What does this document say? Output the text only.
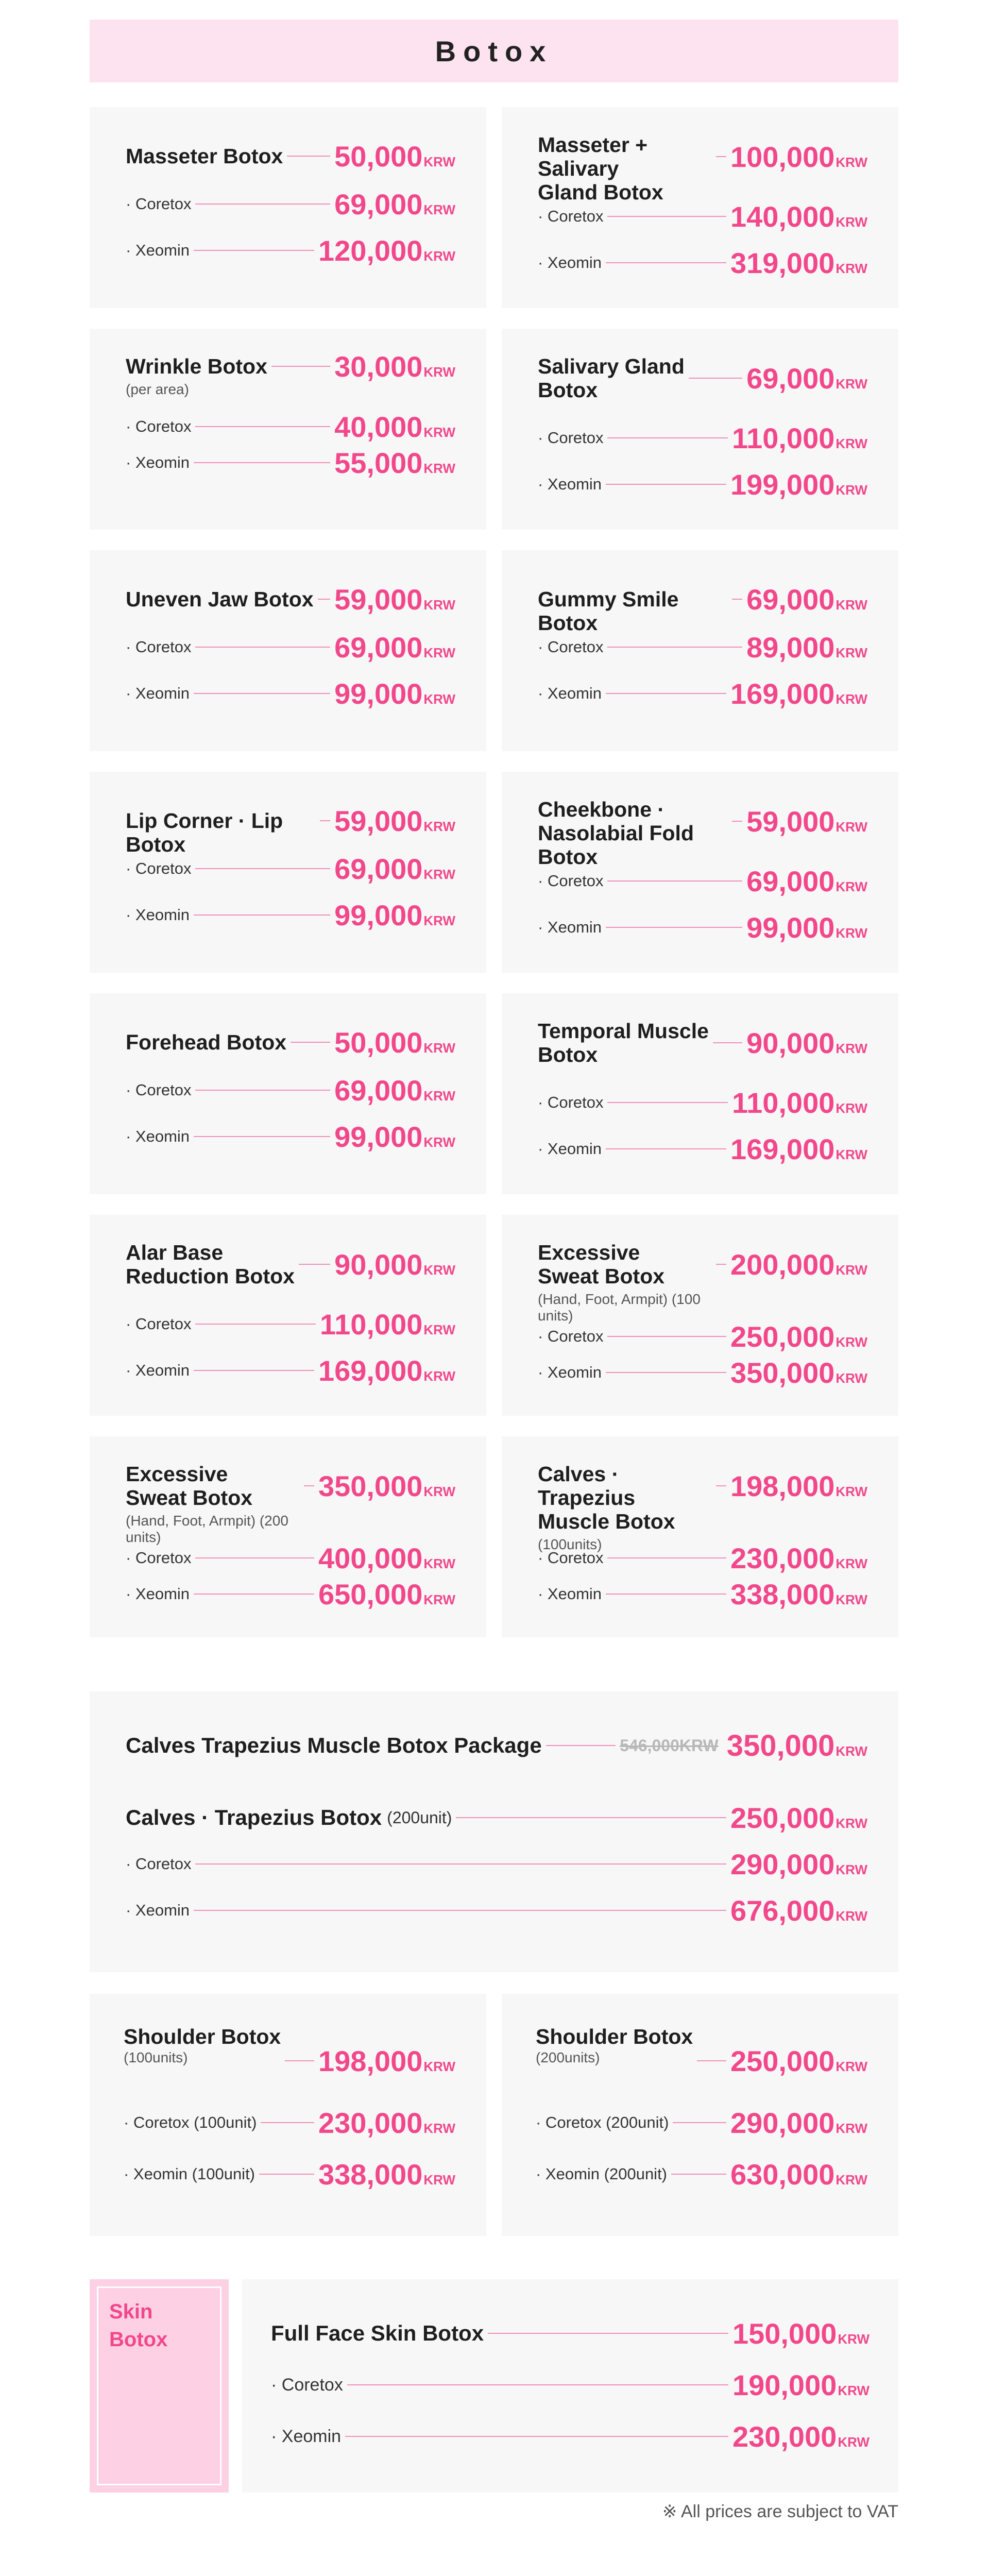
Botox
Masseter Botox 50,000 KRW
· Coretox	69,000 KRW
· Xeomin	120,000 KRW
Masseter + Salivary
Gland Botox
100,000 KRW
· Coretox	140,000 KRW
· Xeomin	319,000 KRW
Wrinkle Botox
(per area)
30,000 KRW
· Coretox	40,000 KRW
· Xeomin	55,000 KRW
Salivary Gland
Botox	69,000 KRW
· Coretox	110,000 KRW
· Xeomin	199,000 KRW
Uneven Jaw Botox 59,000 KRW
· Coretox	69,000 KRW
· Xeomin	99,000 KRW
Gummy Smile Botox
69,000 KRW
· Coretox	89,000 KRW
· Xeomin	169,000 KRW
Lip Corner · Lip Botox
59,000 KRW
· Coretox	69,000 KRW
· Xeomin	99,000 KRW
Cheekbone · Nasolabial Fold
Botox
59,000 KRW
· Coretox	69,000 KRW
· Xeomin	99,000 KRW
Forehead Botox 50,000 KRW
· Coretox	69,000 KRW
· Xeomin	99,000 KRW
Temporal Muscle
Botox	90,000 KRW
· Coretox	110,000 KRW
· Xeomin	169,000 KRW
Alar Base
Reduction Botox 90,000 KRW
· Coretox	110,000 KRW
· Xeomin	169,000 KRW
Excessive
Sweat Botox
(Hand, Foot, Armpit) (100 units)
200,000 KRW
· Coretox	250,000 KRW
· Xeomin	350,000 KRW
Excessive
Sweat Botox
(Hand, Foot, Armpit) (200 units)
350,000 KRW
· Coretox	400,000 KRW
· Xeomin	650,000 KRW
Calves · Trapezius
Muscle Botox
(100units)
198,000 KRW
· Coretox	230,000 KRW
· Xeomin	338,000 KRW
Calves Trapezius Muscle Botox Package	546,000KRW 350,000 KRW
Calves · Trapezius Botox (200unit)	250,000 KRW
· Coretox	290,000 KRW
· Xeomin	676,000 KRW
Shoulder Botox
(100units)	198,000 KRW
· Coretox (100unit) 230,000 KRW
· Xeomin (100unit) 338,000 KRW
Shoulder Botox
(200units)	250,000 KRW
· Coretox (200unit) 290,000 KRW
· Xeomin (200unit) 630,000 KRW
Skin Botox	Full Face Skin Botox	150,000 KRW
· Coretox	190,000 KRW
· Xeomin	230,000 KRW
※ All prices are subject to VAT
